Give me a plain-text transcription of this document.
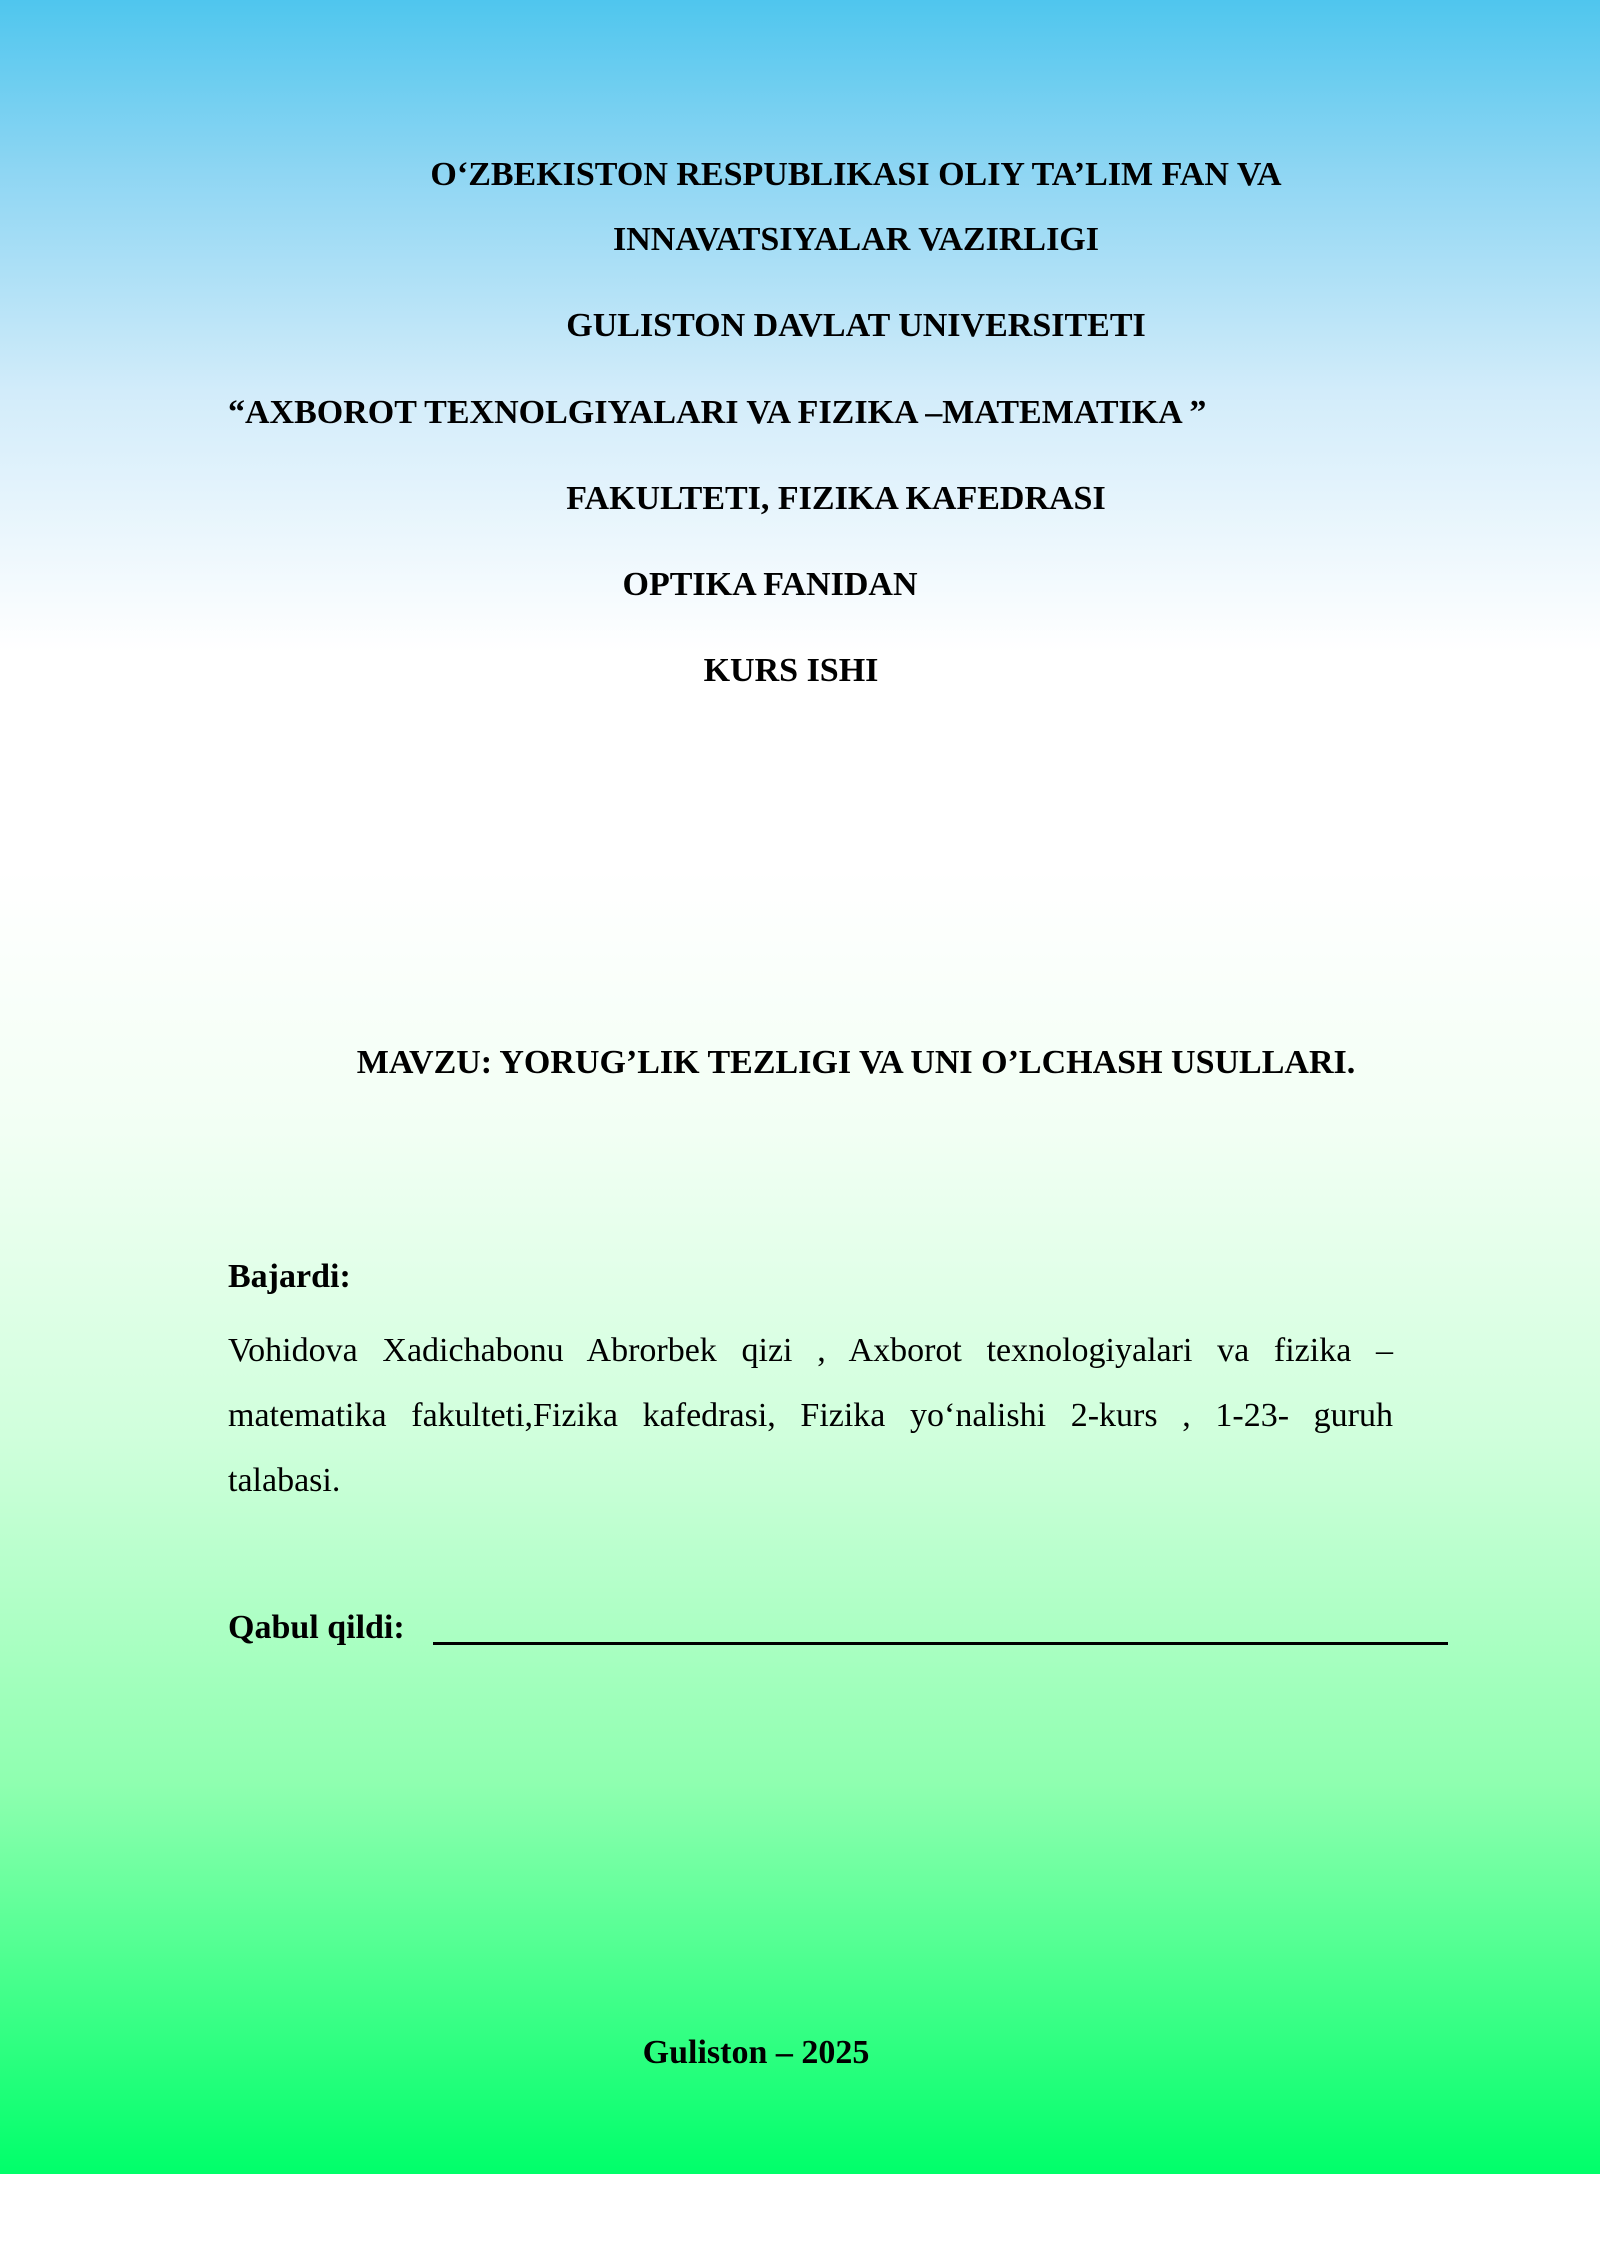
O‘ZBEKISTON RESPUBLIKASI OLIY TA’LIM FAN VA
INNAVATSIYALAR VAZIRLIGI
GULISTON DAVLAT UNIVERSITETI
“AXBOROT TEXNOLGIYALARI VA FIZIKA –MATEMATIKA ”
FAKULTETI, FIZIKA KAFEDRASI
OPTIKA FANIDAN
KURS ISHI
MAVZU: YORUG’LIK TEZLIGI VA UNI O’LCHASH USULLARI.
Bajardi:
Vohidova Xadichabonu Abrorbek qizi , Axborot texnologiyalari va fizika –
matematika fakulteti,Fizika kafedrasi, Fizika yo‘nalishi 2-kurs , 1-23- guruh
talabasi.
Qabul qildi:
Guliston – 2025
